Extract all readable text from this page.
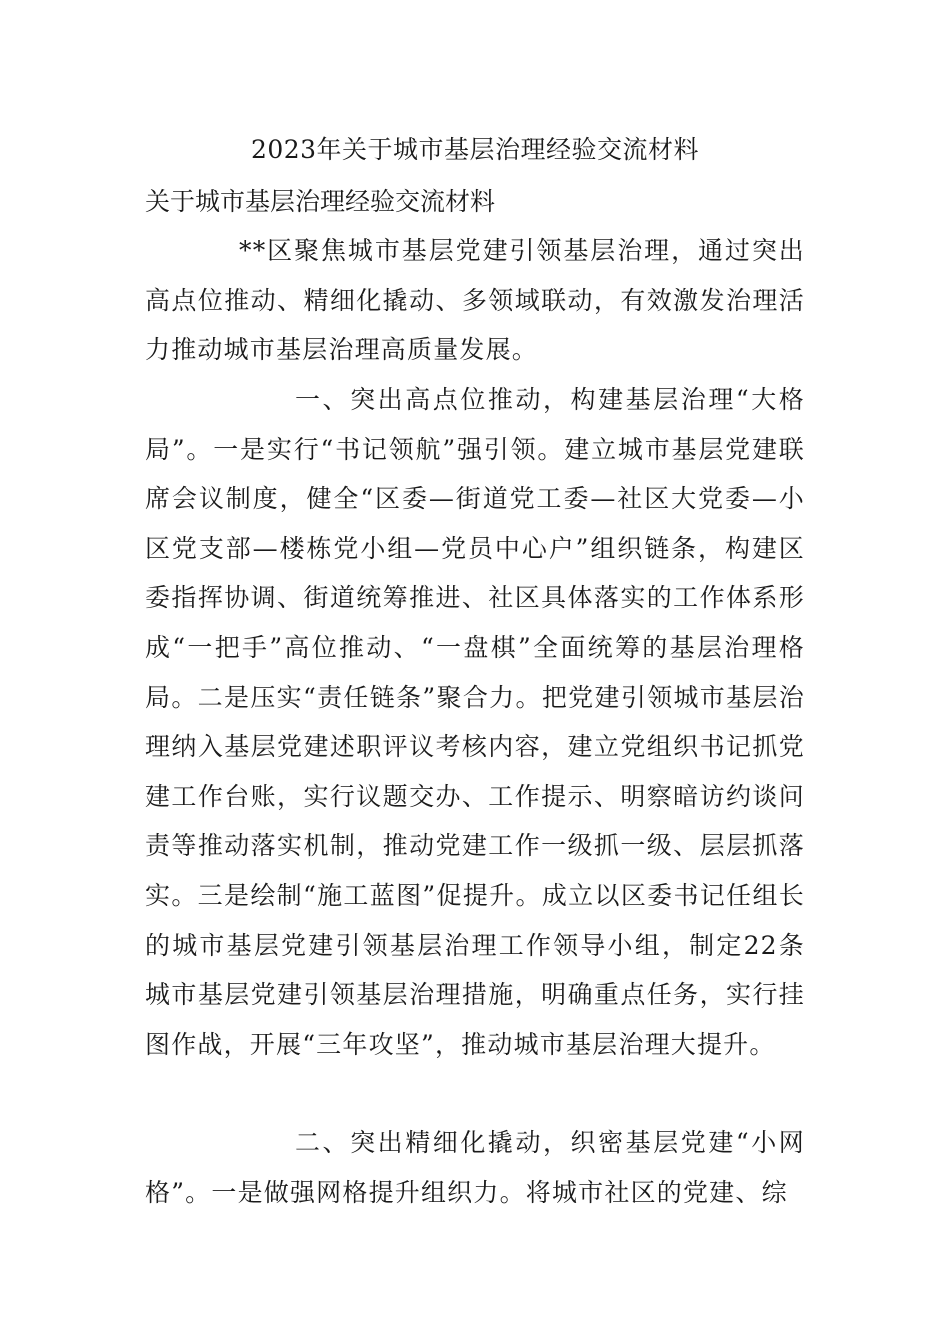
2023年关于城市基层治理经验交流材料

关于城市基层治理经验交流材料

**区聚焦城市基层党建引领基层治理，通过突出高点位推动、精细化撬动、多领域联动，有效激发治理活力推动城市基层治理高质量发展。

一、突出高点位推动，构建基层治理“大格局”。一是实行“书记领航”强引领。建立城市基层党建联席会议制度，健全“区委—街道党工委—社区大党委—小区党支部—楼栋党小组—党员中心户”组织链条，构建区委指挥协调、街道统筹推进、社区具体落实的工作体系形成“一把手”高位推动、“一盘棋”全面统筹的基层治理格局。二是压实“责任链条”聚合力。把党建引领城市基层治理纳入基层党建述职评议考核内容，建立党组织书记抓党建工作台账，实行议题交办、工作提示、明察暗访约谈问责等推动落实机制，推动党建工作一级抓一级、层层抓落实。三是绘制“施工蓝图”促提升。成立以区委书记任组长的城市基层党建引领基层治理工作领导小组，制定22条城市基层党建引领基层治理措施，明确重点任务，实行挂图作战，开展“三年攻坚”，推动城市基层治理大提升。

二、突出精细化撬动，织密基层党建“小网格”。一是做强网格提升组织力。将城市社区的党建、综
